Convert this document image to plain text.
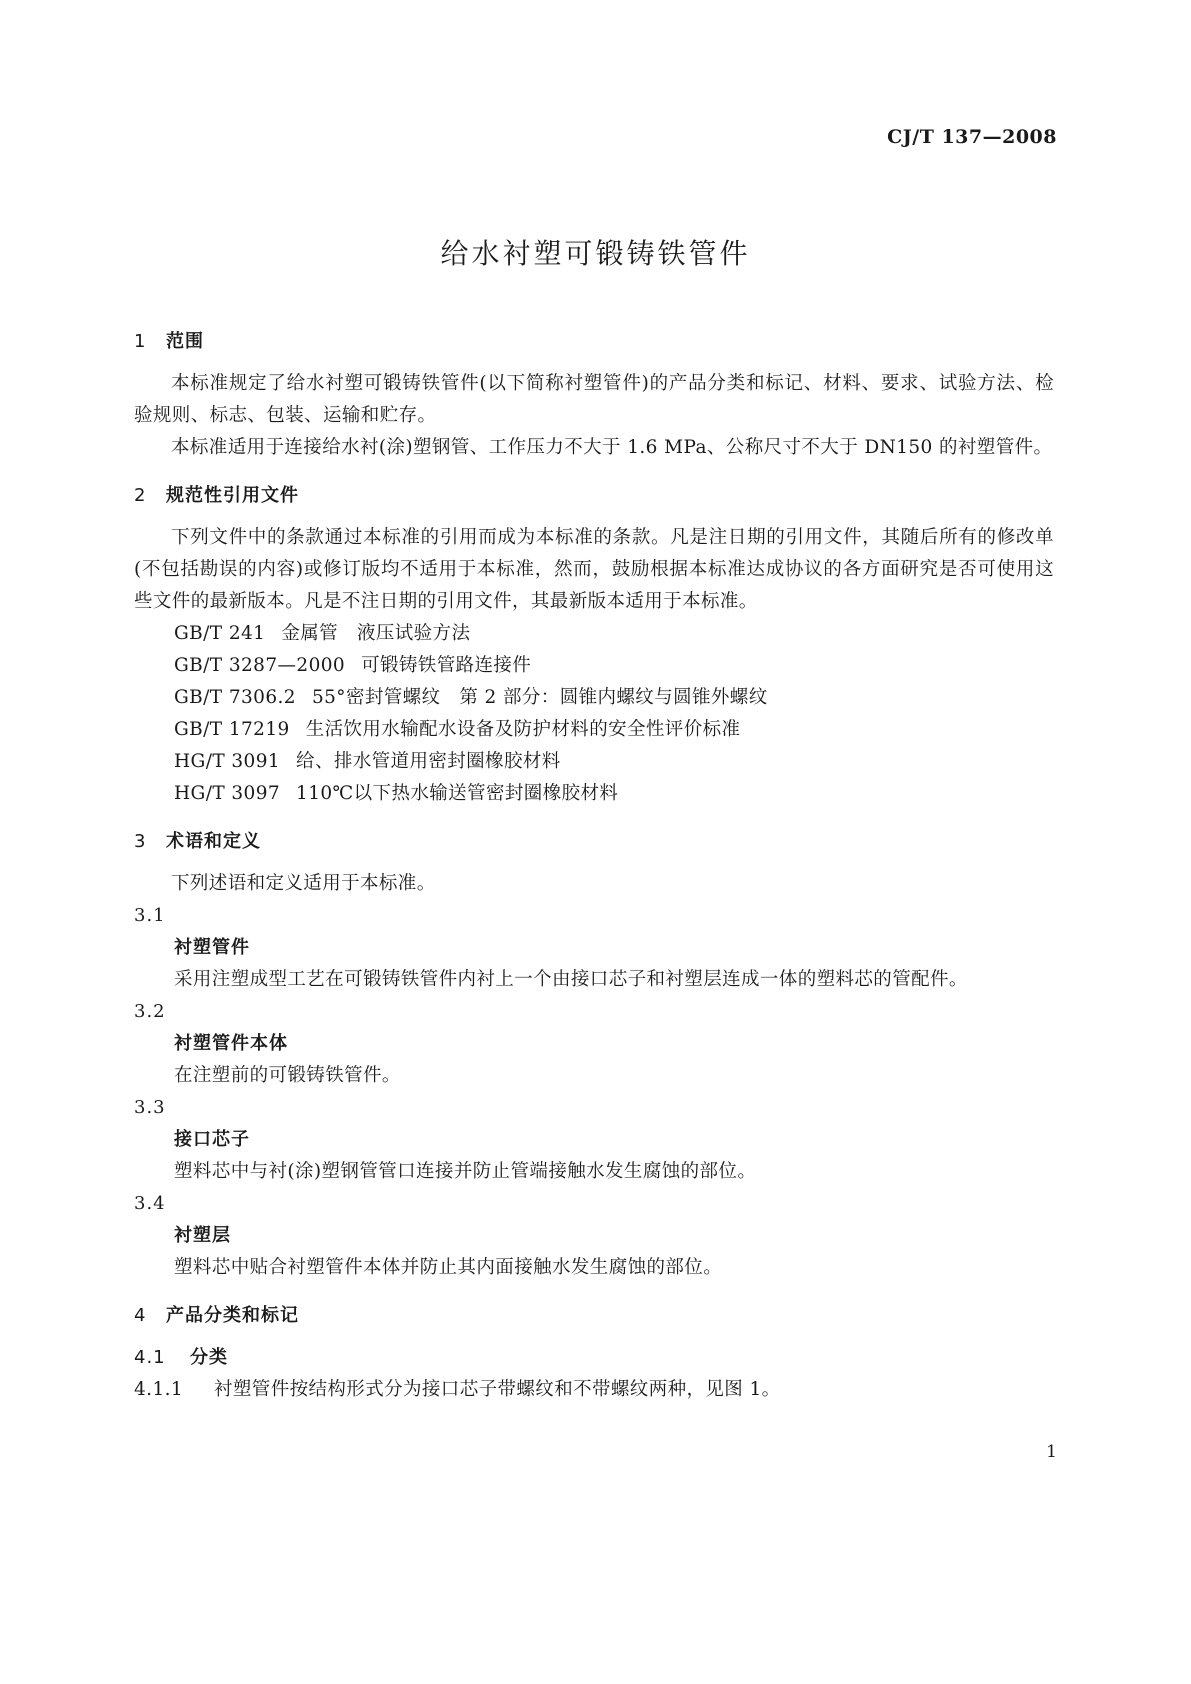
CJ/T 137—2008
给水衬塑可锻铸铁管件
1 范围

本标准规定了给水衬塑可锻铸铁管件(以下简称衬塑管件)的产品分类和标记、材料、要求、试验方法、检验规则、标志、包装、运输和贮存。

本标准适用于连接给水衬(涂)塑钢管、工作压力不大于 1.6 MPa、公称尺寸不大于 DN150 的衬塑管件。

2 规范性引用文件

下列文件中的条款通过本标准的引用而成为本标准的条款。凡是注日期的引用文件，其随后所有的修改单(不包括勘误的内容)或修订版均不适用于本标准，然而，鼓励根据本标准达成协议的各方面研究是否可使用这些文件的最新版本。凡是不注日期的引用文件，其最新版本适用于本标准。

GB/T 241 金属管　液压试验方法

GB/T 3287—2000 可锻铸铁管路连接件

GB/T 7306.2 55°密封管螺纹　第 2 部分：圆锥内螺纹与圆锥外螺纹

GB/T 17219 生活饮用水输配水设备及防护材料的安全性评价标准

HG/T 3091 给、排水管道用密封圈橡胶材料

HG/T 3097 110℃以下热水输送管密封圈橡胶材料

3 术语和定义

下列述语和定义适用于本标准。

3.1

衬塑管件

采用注塑成型工艺在可锻铸铁管件内衬上一个由接口芯子和衬塑层连成一体的塑料芯的管配件。

3.2

衬塑管件本体

在注塑前的可锻铸铁管件。

3.3

接口芯子

塑料芯中与衬(涂)塑钢管管口连接并防止管端接触水发生腐蚀的部位。

3.4

衬塑层

塑料芯中贴合衬塑管件本体并防止其内面接触水发生腐蚀的部位。

4 产品分类和标记
4.1 分类

4.1.1 衬塑管件按结构形式分为接口芯子带螺纹和不带螺纹两种，见图 1。

1
